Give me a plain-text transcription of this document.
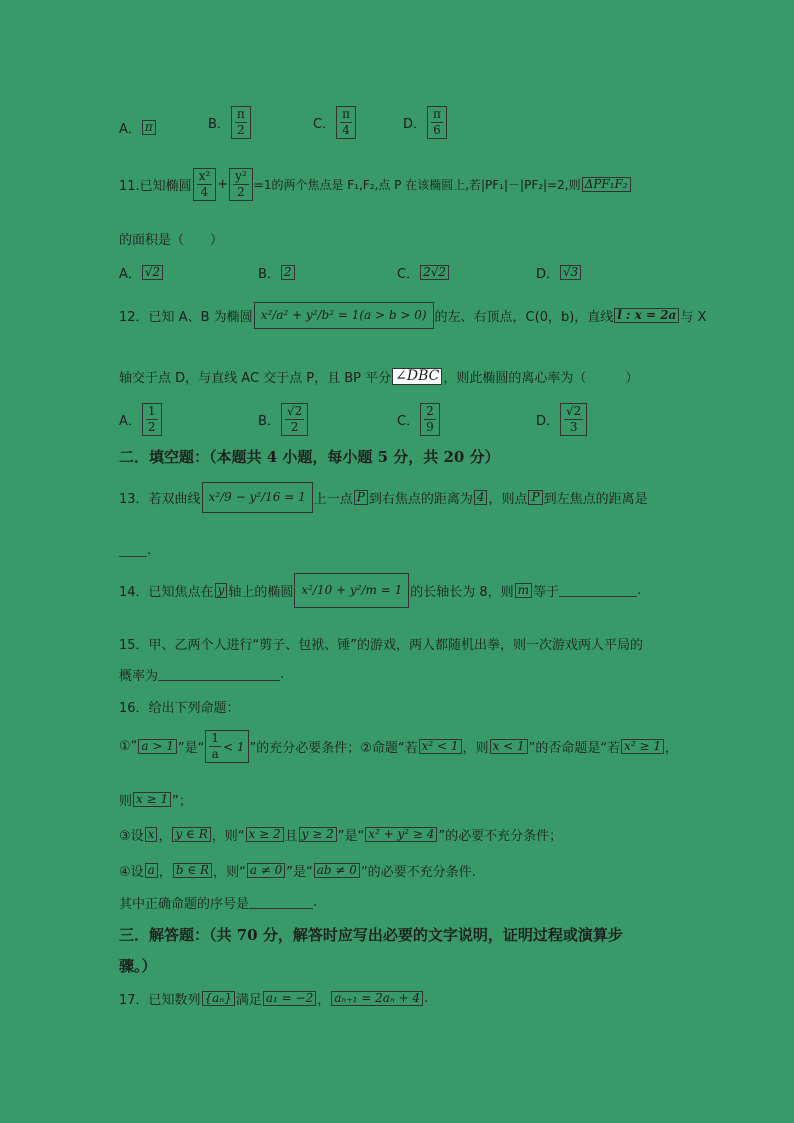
A． π	B． $\frac{\pi}{2}$	C． $\frac{\pi}{4}$	D． $\frac{\pi}{6}$
11.已知椭圆 $\frac{\text{x²}}{4} + \frac{\text{y²}}{2} =1$的两个焦点是 F₁,F₂,点 P 在该椭圆上,若|PF₁|－|PF₂|=2,则 ΔPF₁F₂
的面积是（　　）
A． √2	B． 2	C． 2√2	D． √3
12．已知 A、B 为椭圆 x²/a² + y²/b² = 1(a > b > 0) 的左、右顶点，C(0，b)，直线 l : x = 2a 与 X
轴交于点 D，与直线 AC 交于点 P，且 BP 平分 ∠DBC ，则此椭圆的离心率为（　　　）
A． $\frac{1}{2}$	B． $\frac{√2}{2}$	C． $\frac{2}{9}$	D． $\frac{√2}{3}$
二．填空题：（本题共 4 小题，每小题 5 分，共 20 分）
13．若双曲线 x²/9 − y²/16 = 1 上一点 P 到右焦点的距离为 4 ，则点 P 到左焦点的距离是
.
14．已知焦点在 y 轴上的椭圆 x²/10 + y²/m = 1 的长轴长为 8，则 m 等于	.
15．甲、乙两个人进行“剪子、包袱、锤”的游戏，两人都随机出拳，则一次游戏两人平局的
概率为	.
16．给出下列命题：
①“ a > 1 ”是“ $\frac{1}{a} < 1$ ”的充分必要条件；②命题“若 x² < 1 ，则 x < 1 ”的否命题是“若 x² ≥ 1 ，
则 x ≥ 1 ”；
③设 x ， y ∈ R ，则“ x ≥ 2 且 y ≥ 2 ”是“ x² + y² ≥ 4 ”的必要不充分条件；
④设 a ， b ∈ R ，则“ a ≠ 0 ”是“ ab ≠ 0 ”的必要不充分条件.
其中正确命题的序号是	.
三．解答题：（共 70 分，解答时应写出必要的文字说明，证明过程或演算步
骤。）
17．已知数列 {aₙ} 满足 a₁ = −2 ， aₙ₊₁ = 2aₙ + 4 .
